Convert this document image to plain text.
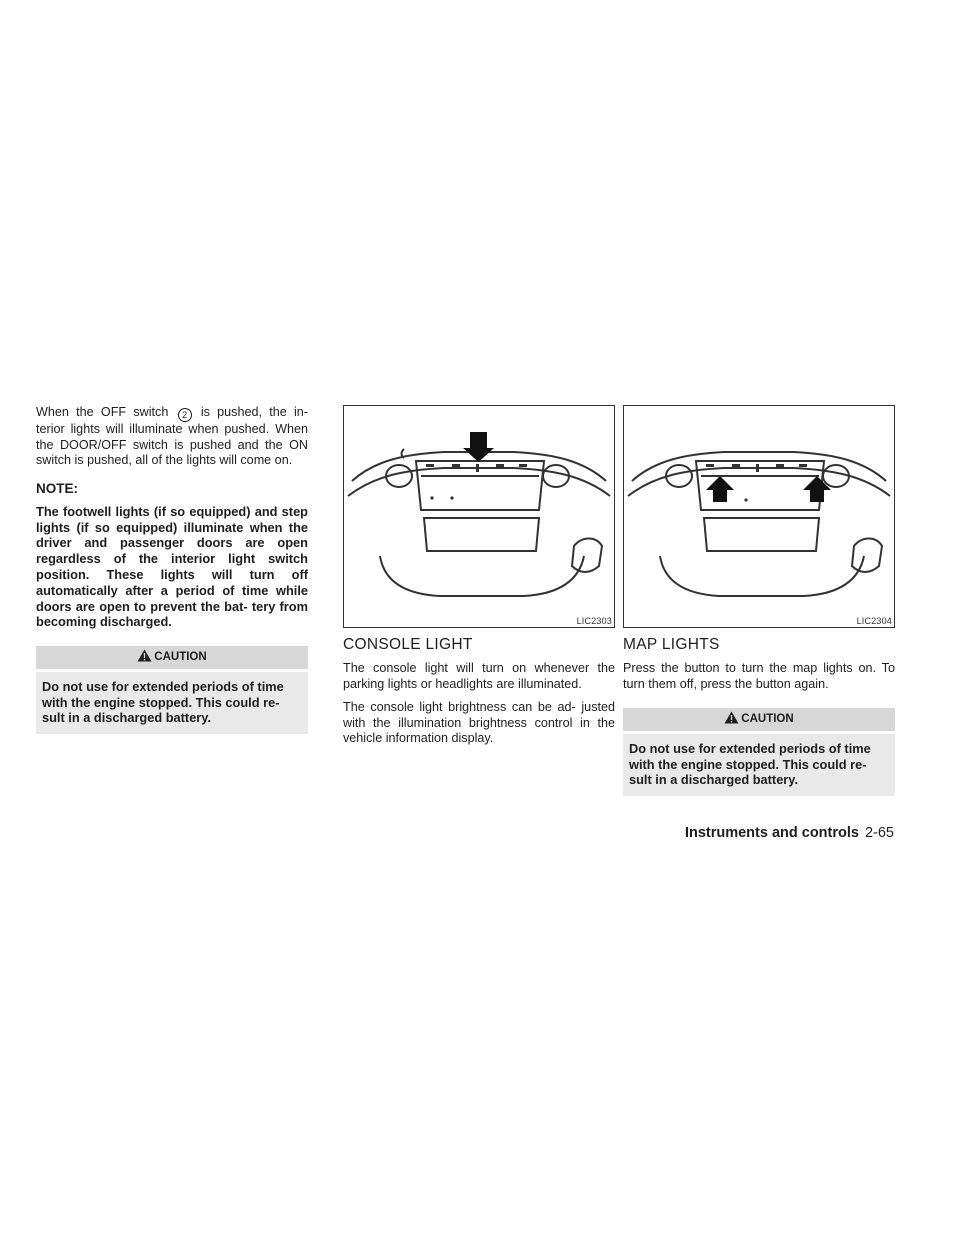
When the OFF switch 2 is pushed, the in- terior lights will illuminate when pushed. When the DOOR/OFF switch is pushed and the ON switch is pushed, all of the lights will come on.

NOTE:

The footwell lights (if so equipped) and step lights (if so equipped) illuminate when the driver and passenger doors are open regardless of the interior light switch position. These lights will turn off automatically after a period of time while doors are open to prevent the bat- tery from becoming discharged.

CAUTION
Do not use for extended periods of time with the engine stopped. This could re- sult in a discharged battery.
LIC2303
CONSOLE LIGHT

The console light will turn on whenever the parking lights or headlights are illuminated.

The console light brightness can be ad- justed with the illumination brightness control in the vehicle information display.

LIC2304
MAP LIGHTS

Press the button to turn the map lights on. To turn them off, press the button again.

CAUTION
Do not use for extended periods of time with the engine stopped. This could re- sult in a discharged battery.
Instruments and controls 2-65
